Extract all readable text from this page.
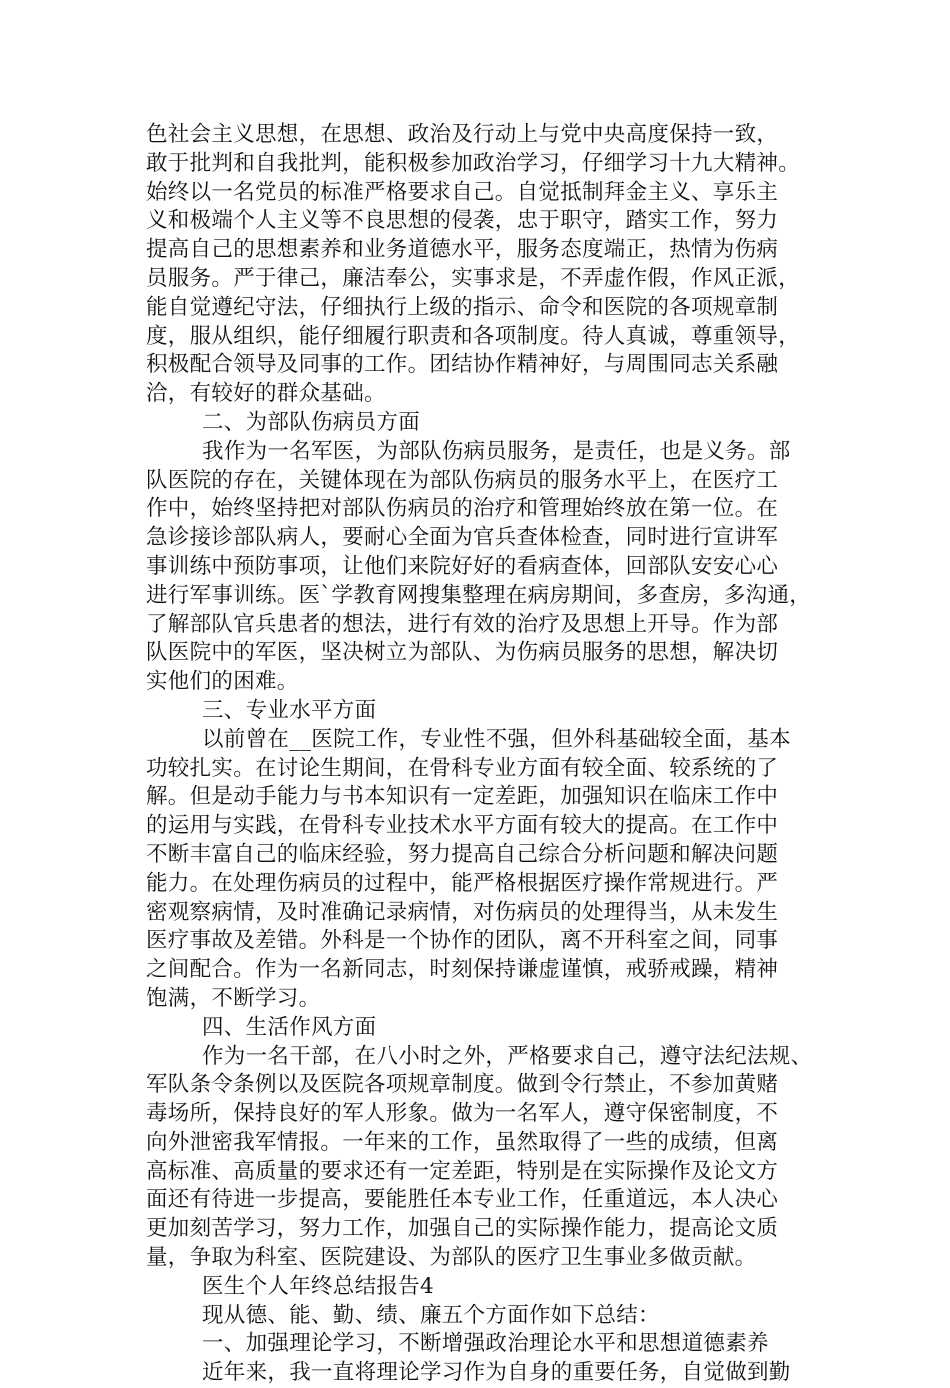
色社会主义思想，在思想、政治及行动上与党中央高度保持一致，
敢于批判和自我批判，能积极参加政治学习，仔细学习十九大精神。
始终以一名党员的标准严格要求自己。自觉抵制拜金主义、享乐主
义和极端个人主义等不良思想的侵袭，忠于职守，踏实工作，努力
提高自己的思想素养和业务道德水平，服务态度端正，热情为伤病
员服务。严于律己，廉洁奉公，实事求是，不弄虚作假，作风正派，
能自觉遵纪守法，仔细执行上级的指示、命令和医院的各项规章制
度，服从组织，能仔细履行职责和各项制度。待人真诚，尊重领导，
积极配合领导及同事的工作。团结协作精神好，与周围同志关系融
洽，有较好的群众基础。
二、为部队伤病员方面
我作为一名军医，为部队伤病员服务，是责任，也是义务。部
队医院的存在，关键体现在为部队伤病员的服务水平上，在医疗工
作中，始终坚持把对部队伤病员的治疗和管理始终放在第一位。在
急诊接诊部队病人，要耐心全面为官兵查体检查，同时进行宣讲军
事训练中预防事项，让他们来院好好的看病查体，回部队安安心心
进行军事训练。医`学教育网搜集整理在病房期间，多查房，多沟通，
了解部队官兵患者的想法，进行有效的治疗及思想上开导。作为部
队医院中的军医，坚决树立为部队、为伤病员服务的思想，解决切
实他们的困难。
三、专业水平方面
以前曾在__医院工作，专业性不强，但外科基础较全面，基本
功较扎实。在讨论生期间，在骨科专业方面有较全面、较系统的了
解。但是动手能力与书本知识有一定差距，加强知识在临床工作中
的运用与实践，在骨科专业技术水平方面有较大的提高。在工作中
不断丰富自己的临床经验，努力提高自己综合分析问题和解决问题
能力。在处理伤病员的过程中，能严格根据医疗操作常规进行。严
密观察病情，及时准确记录病情，对伤病员的处理得当，从未发生
医疗事故及差错。外科是一个协作的团队，离不开科室之间，同事
之间配合。作为一名新同志，时刻保持谦虚谨慎，戒骄戒躁，精神
饱满，不断学习。
四、生活作风方面
作为一名干部，在八小时之外，严格要求自己，遵守法纪法规、
军队条令条例以及医院各项规章制度。做到令行禁止，不参加黄赌
毒场所，保持良好的军人形象。做为一名军人，遵守保密制度，不
向外泄密我军情报。一年来的工作，虽然取得了一些的成绩，但离
高标准、高质量的要求还有一定差距，特别是在实际操作及论文方
面还有待进一步提高，要能胜任本专业工作，任重道远，本人决心
更加刻苦学习，努力工作，加强自己的实际操作能力，提高论文质
量，争取为科室、医院建设、为部队的医疗卫生事业多做贡献。
医生个人年终总结报告4
现从德、能、勤、绩、廉五个方面作如下总结：
一、加强理论学习，不断增强政治理论水平和思想道德素养
近年来，我一直将理论学习作为自身的重要任务，自觉做到勤
